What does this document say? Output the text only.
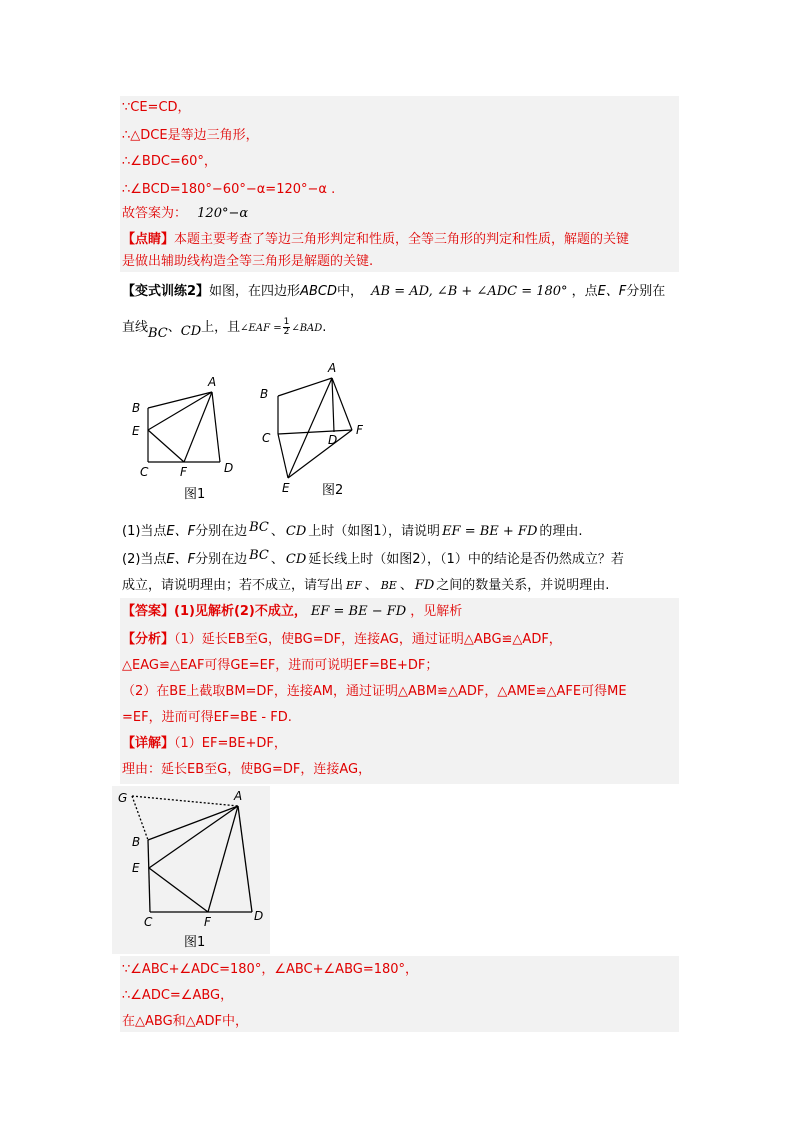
∵CE=CD，
∴△DCE是等边三角形，
∴∠BDC=60°，
∴∠BCD=180°−60°−α=120°−α .
故答案为： 120°−α
【点睛】本题主要考查了等边三角形判定和性质，全等三角形的判定和性质，解题的关键
是做出辅助线构造全等三角形是解题的关键.
【变式训练2】如图，在四边形ABCD中， AB = AD, ∠B + ∠ADC = 180° ，点E、F分别在
直线BC、CD上，且∠EAF = $\frac{1}{2}$ ∠BAD.
A
B
E
C	F	D
图1
A
B
C	D
F
E 图2
(1)当点E、F分别在边 BC 、 CD 上时（如图1），请说明 EF = BE + FD 的理由.
(2)当点E、F分别在边 BC 、 CD 延长线上时（如图2），（1）中的结论是否仍然成立？若
成立，请说明理由；若不成立，请写出 EF 、 BE 、 FD 之间的数量关系，并说明理由.
【答案】(1)见解析(2)不成立， EF = BE − FD ，见解析
【分析】（1）延长EB至G，使BG=DF，连接AG，通过证明△ABG≌△ADF，
△EAG≌△EAF可得GE=EF，进而可说明EF=BE+DF；
（2）在BE上截取BM=DF，连接AM，通过证明△ABM≌△ADF，△AME≌△AFE可得ME
=EF，进而可得EF=BE - FD.
【详解】（1）EF=BE+DF，
理由：延长EB至G，使BG=DF，连接AG，
G	A
B
E
C	F	D
图1
∵∠ABC+∠ADC=180°，∠ABC+∠ABG=180°，
∴∠ADC=∠ABG，
在△ABG和△ADF中，
